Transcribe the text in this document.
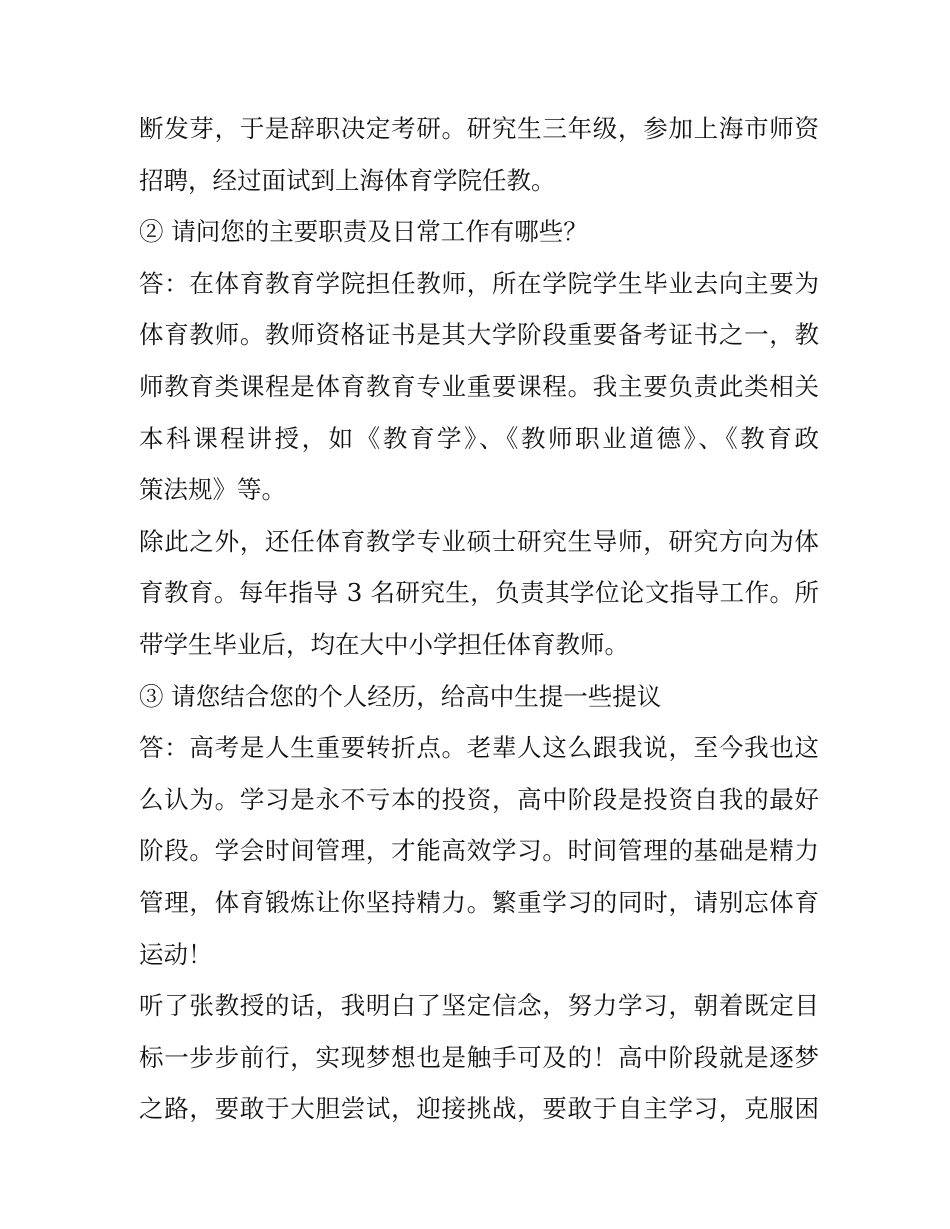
断发芽，于是辞职决定考研。研究生三年级，参加上海市师资
招聘，经过面试到上海体育学院任教。
② 请问您的主要职责及日常工作有哪些？
答：在体育教育学院担任教师，所在学院学生毕业去向主要为
体育教师。教师资格证书是其大学阶段重要备考证书之一，教
师教育类课程是体育教育专业重要课程。我主要负责此类相关
本科课程讲授，如《教育学》、《教师职业道德》、《教育政
策法规》等。
除此之外，还任体育教学专业硕士研究生导师，研究方向为体
育教育。每年指导 3 名研究生，负责其学位论文指导工作。所
带学生毕业后，均在大中小学担任体育教师。
③ 请您结合您的个人经历，给高中生提一些提议
答：高考是人生重要转折点。老辈人这么跟我说，至今我也这
么认为。学习是永不亏本的投资，高中阶段是投资自我的最好
阶段。学会时间管理，才能高效学习。时间管理的基础是精力
管理，体育锻炼让你坚持精力。繁重学习的同时，请别忘体育
运动！
听了张教授的话，我明白了坚定信念，努力学习，朝着既定目
标一步步前行，实现梦想也是触手可及的！高中阶段就是逐梦
之路，要敢于大胆尝试，迎接挑战，要敢于自主学习，克服困
